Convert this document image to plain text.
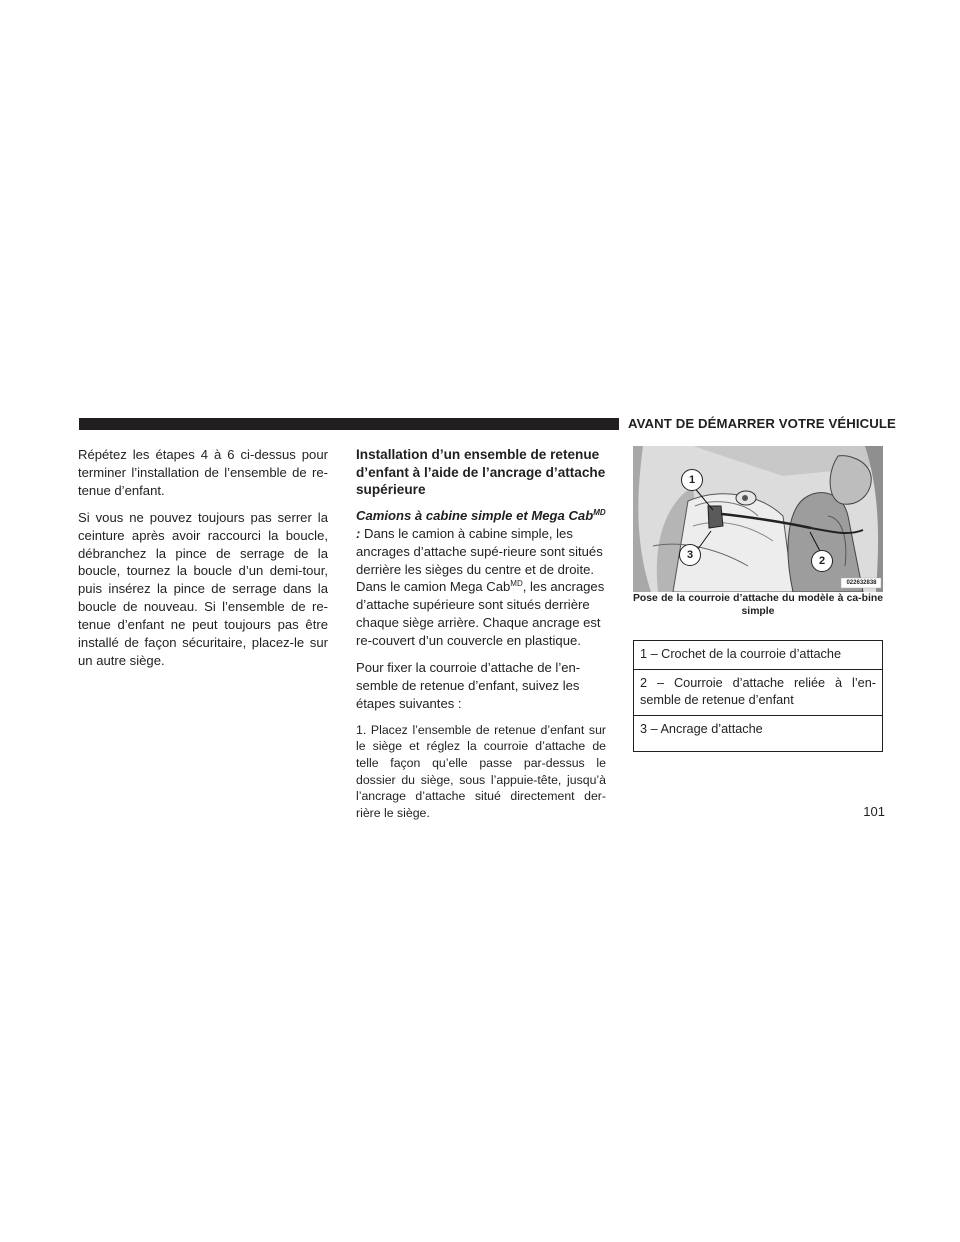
AVANT DE DÉMARRER VOTRE VÉHICULE

Répétez les étapes 4 à 6 ci-dessus pour terminer l’installation de l’ensemble de re-tenue d’enfant.

Si vous ne pouvez toujours pas serrer la ceinture après avoir raccourci la boucle, débranchez la pince de serrage de la boucle, tournez la boucle d’un demi-tour, puis insérez la pince de serrage dans la boucle de nouveau. Si l’ensemble de re-tenue d’enfant ne peut toujours pas être installé de façon sécuritaire, placez-le sur un autre siège.

Installation d’un ensemble de retenue d’enfant à l’aide de l’ancrage d’attache supérieure

Camions à cabine simple et Mega Cab$^{MD}$ : Dans le camion à cabine simple, les ancrages d’attache supé-rieure sont situés derrière les sièges du centre et de droite. Dans le camion Mega Cab$^{MD}$, les ancrages d’attache supérieure sont situés derrière chaque siège arrière. Chaque ancrage est re-couvert d’un couvercle en plastique.

Pour fixer la courroie d’attache de l’en-semble de retenue d’enfant, suivez les étapes suivantes :

1. Placez l’ensemble de retenue d’enfant sur le siège et réglez la courroie d’attache de telle façon qu’elle passe par-dessus le dossier du siège, sous l’appuie-tête, jusqu’à l’ancrage d’attache situé directement der-rière le siège.

1
2
3
022632838
Pose de la courroie d’attache du modèle à ca-bine simple
1 – Crochet de la courroie d’attache
2 – Courroie d’attache reliée à l’en-semble de retenue d’enfant
3 – Ancrage d’attache
101
